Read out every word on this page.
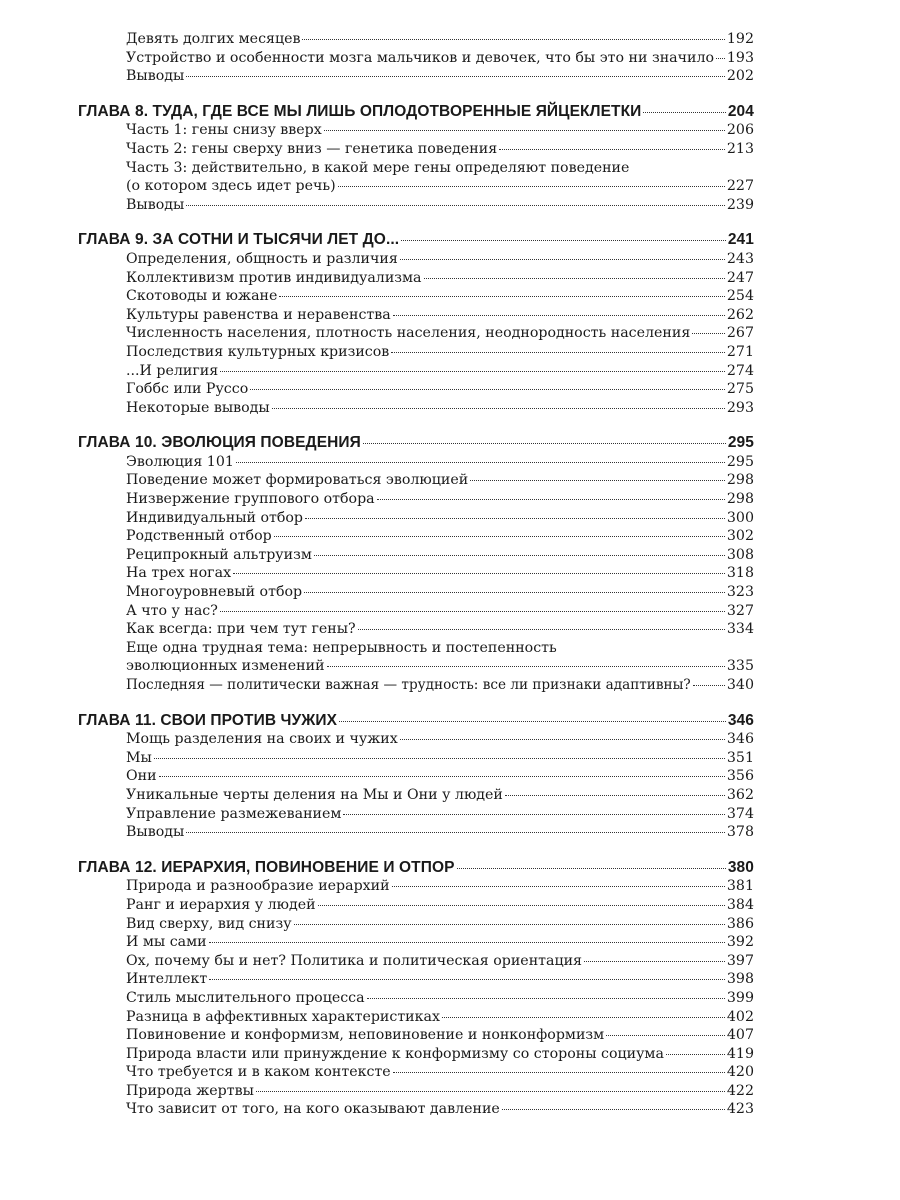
Девять долгих месяцев	192
Устройство и особенности мозга мальчиков и девочек, что бы это ни значило 193
Выводы	202
ГЛАВА 8. ТУДА, ГДЕ ВСЕ МЫ ЛИШЬ ОПЛОДОТВОРЕННЫЕ ЯЙЦЕКЛЕТКИ	204
Часть 1: гены снизу вверх	206
Часть 2: гены сверху вниз — генетика поведения	213
Часть 3: действительно, в какой мере гены определяют поведение
(о котором здесь идет речь)	227
Выводы	239
ГЛАВА 9. ЗА СОТНИ И ТЫСЯЧИ ЛЕТ ДО...	241
Определения, общность и различия	243
Коллективизм против индивидуализма	247
Скотоводы и южане	254
Культуры равенства и неравенства	262
Численность населения, плотность населения, неоднородность населения	267
Последствия культурных кризисов	271
...И религия	274
Гоббс или Руссо	275
Некоторые выводы	293
ГЛАВА 10. ЭВОЛЮЦИЯ ПОВЕДЕНИЯ	295
Эволюция 101	295
Поведение может формироваться эволюцией	298
Низвержение группового отбора	298
Индивидуальный отбор	300
Родственный отбор	302
Реципрокный альтруизм	308
На трех ногах	318
Многоуровневый отбор	323
А что у нас?	327
Как всегда: при чем тут гены?	334
Еще одна трудная тема: непрерывность и постепенность
эволюционных изменений	335
Последняя — политически важная — трудность: все ли признаки адаптивны?	340
ГЛАВА 11. СВОИ ПРОТИВ ЧУЖИХ	346
Мощь разделения на своих и чужих	346
Мы	351
Они	356
Уникальные черты деления на Мы и Они у людей	362
Управление размежеванием	374
Выводы	378
ГЛАВА 12. ИЕРАРХИЯ, ПОВИНОВЕНИЕ И ОТПОР	380
Природа и разнообразие иерархий	381
Ранг и иерархия у людей	384
Вид сверху, вид снизу	386
И мы сами	392
Ох, почему бы и нет? Политика и политическая ориентация	397
Интеллект	398
Стиль мыслительного процесса	399
Разница в аффективных характеристиках	402
Повиновение и конформизм, неповиновение и нонконформизм	407
Природа власти или принуждение к конформизму со стороны социума	419
Что требуется и в каком контексте	420
Природа жертвы	422
Что зависит от того, на кого оказывают давление	423
